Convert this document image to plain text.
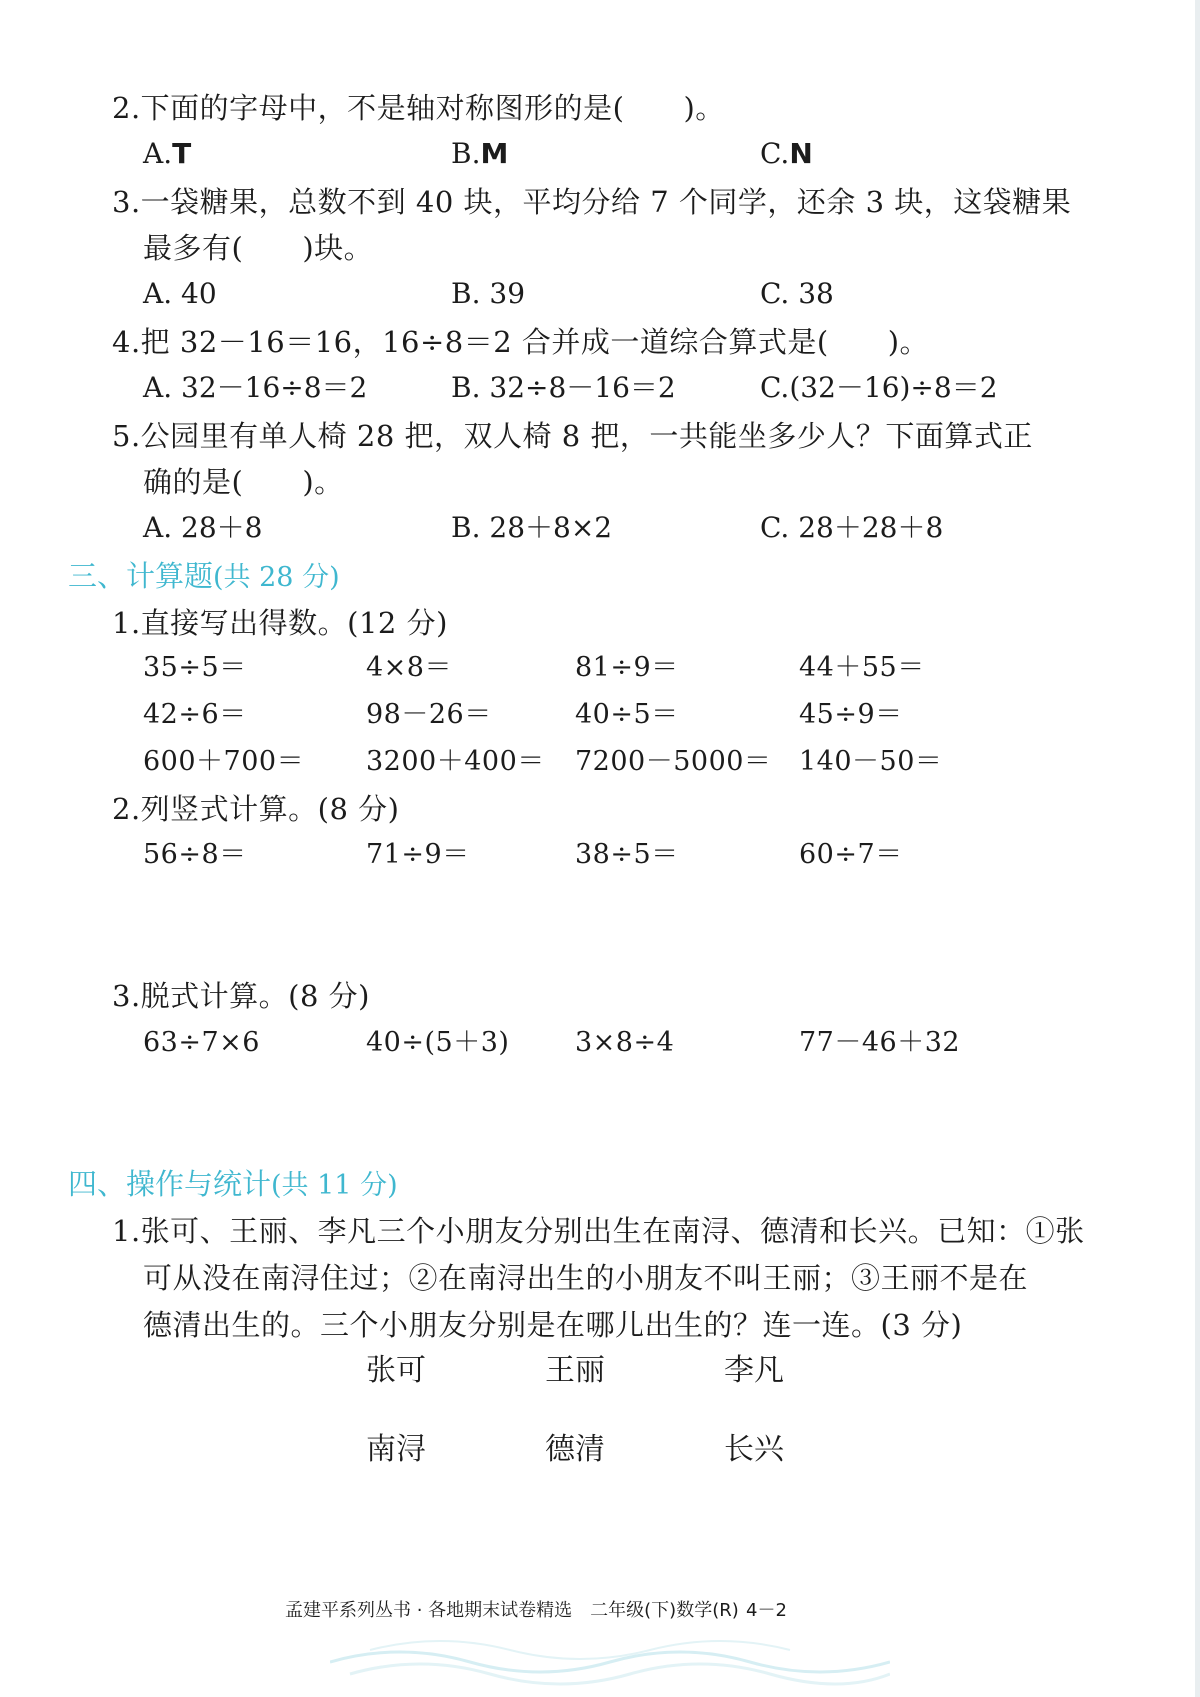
2.下面的字母中，不是轴对称图形的是(　　)。
A.T	B.M	C.N
3.一袋糖果，总数不到 40 块，平均分给 7 个同学，还余 3 块，这袋糖果
最多有(　　)块。
A. 40	B. 39	C. 38
4.把 32－16＝16，16÷8＝2 合并成一道综合算式是(　　)。
A. 32－16÷8＝2	B. 32÷8－16＝2	C.(32－16)÷8＝2
5.公园里有单人椅 28 把，双人椅 8 把，一共能坐多少人？下面算式正
确的是(　　)。
A. 28＋8	B. 28＋8×2	C. 28＋28＋8
三、计算题(共 28 分)
1.直接写出得数。(12 分)
35÷5＝	4×8＝	81÷9＝	44＋55＝
42÷6＝	98－26＝	40÷5＝	45÷9＝
600＋700＝ 3200＋400＝ 7200－5000＝ 140－50＝
2.列竖式计算。(8 分)
56÷8＝	71÷9＝	38÷5＝	60÷7＝
3.脱式计算。(8 分)
63÷7×6	40÷(5＋3) 3×8÷4	77－46＋32
四、操作与统计(共 11 分)
1.张可、王丽、李凡三个小朋友分别出生在南浔、德清和长兴。已知：①张
可从没在南浔住过；②在南浔出生的小朋友不叫王丽；③王丽不是在
德清出生的。三个小朋友分别是在哪儿出生的？连一连。(3 分)
张可	王丽	李凡
南浔	德清	长兴
孟建平系列丛书 · 各地期末试卷精选　二年级(下)数学(R) 4－2
